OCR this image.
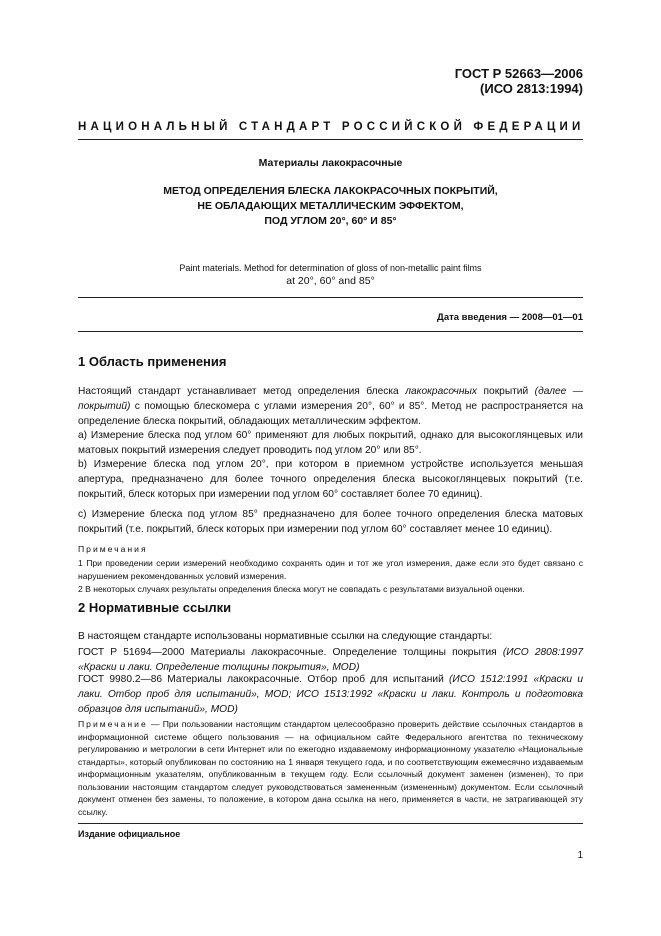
ГОСТ Р 52663—2006
(ИСО 2813:1994)
НАЦИОНАЛЬНЫЙ СТАНДАРТ РОССИЙСКОЙ ФЕДЕРАЦИИ
Материалы лакокрасочные
МЕТОД ОПРЕДЕЛЕНИЯ БЛЕСКА ЛАКОКРАСОЧНЫХ ПОКРЫТИЙ,
НЕ ОБЛАДАЮЩИХ МЕТАЛЛИЧЕСКИМ ЭФФЕКТОМ,
ПОД УГЛОМ 20°, 60° И 85°
Paint materials. Method for determination of gloss of non-metallic paint films
at 20°, 60° and 85°
Дата введения — 2008—01—01
1 Область применения

Настоящий стандарт устанавливает метод определения блеска лакокрасочных покрытий (далее — покрытий) с помощью блескомера с углами измерения 20°, 60° и 85°. Метод не распространяется на определение блеска покрытий, обладающих металлическим эффектом.

a) Измерение блеска под углом 60° применяют для любых покрытий, однако для высокоглянцевых или матовых покрытий измерения следует проводить под углом 20° или 85°.

b) Измерение блеска под углом 20°, при котором в приемном устройстве используется меньшая апертура, предназначено для более точного определения блеска высокоглянцевых покрытий (т.е. покрытий, блеск которых при измерении под углом 60° составляет более 70 единиц).

c) Измерение блеска под углом 85° предназначено для более точного определения блеска матовых покрытий (т.е. покрытий, блеск которых при измерении под углом 60° составляет менее 10 единиц).

Примечания

1 При проведении серии измерений необходимо сохранять один и тот же угол измерения, даже если это будет связано с нарушением рекомендованных условий измерения.

2 В некоторых случаях результаты определения блеска могут не совпадать с результатами визуальной оценки.

2 Нормативные ссылки

В настоящем стандарте использованы нормативные ссылки на следующие стандарты:

ГОСТ Р 51694—2000 Материалы лакокрасочные. Определение толщины покрытия (ИСО 2808:1997 «Краски и лаки. Определение толщины покрытия», MOD)

ГОСТ 9980.2—86 Материалы лакокрасочные. Отбор проб для испытаний (ИСО 1512:1991 «Краски и лаки. Отбор проб для испытаний», MOD; ИСО 1513:1992 «Краски и лаки. Контроль и подготовка образцов для испытаний», MOD)

Примечание — При пользовании настоящим стандартом целесообразно проверить действие ссылочных стандартов в информационной системе общего пользования — на официальном сайте Федерального агентства по техническому регулированию и метрологии в сети Интернет или по ежегодно издаваемому информационному указателю «Национальные стандарты», который опубликован по состоянию на 1 января текущего года, и по соответствующим ежемесячно издаваемым информационным указателям, опубликованным в текущем году. Если ссылочный документ заменен (изменен), то при пользовании настоящим стандартом следует руководствоваться замененным (измененным) документом. Если ссылочный документ отменен без замены, то положение, в котором дана ссылка на него, применяется в части, не затрагивающей эту ссылку.

Издание официальное
1
